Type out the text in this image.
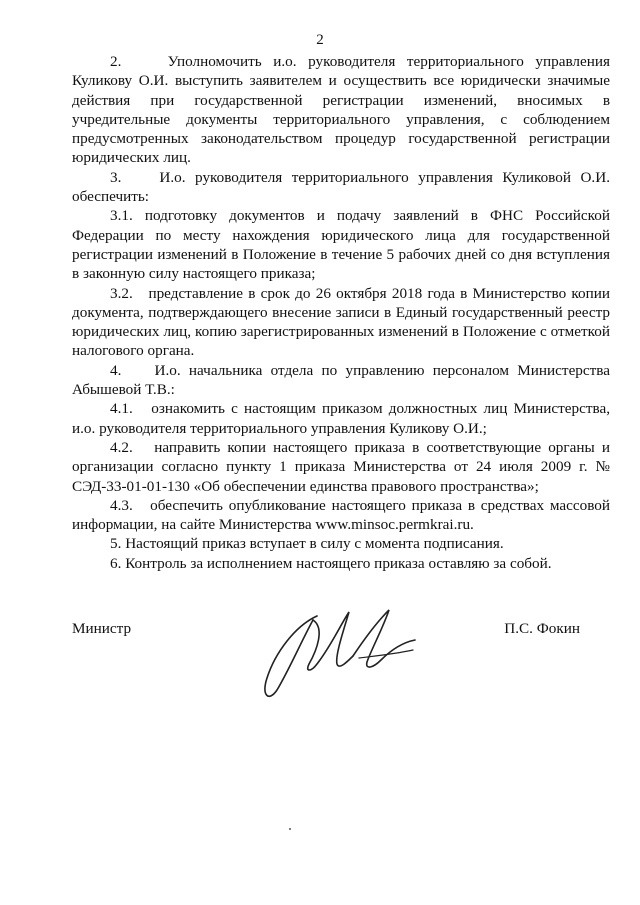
2

2.    Уполномочить и.о. руководителя территориального управления Куликову О.И. выступить заявителем и осуществить все юридически значимые действия при государственной регистрации изменений, вносимых в учредительные документы территориального управления, с соблюдением предусмотренных законодательством процедур государственной регистрации юридических лиц.

3.    И.о. руководителя территориального управления Куликовой О.И. обеспечить:

3.1. подготовку документов и подачу заявлений в ФНС Российской Федерации по месту нахождения юридического лица для государственной регистрации изменений в Положение в течение 5 рабочих дней со дня вступления в законную силу настоящего приказа;

3.2.   представление в срок до 26 октября 2018 года в Министерство копии документа, подтверждающего внесение записи в Единый государственный реестр юридических лиц, копию зарегистрированных изменений в Положение с отметкой налогового органа.

4.    И.о. начальника отдела по управлению персоналом Министерства Абышевой Т.В.:

4.1.   ознакомить с настоящим приказом должностных лиц Министерства, и.о. руководителя территориального управления Куликову О.И.;

4.2.   направить копии настоящего приказа в соответствующие органы и организации согласно пункту 1 приказа Министерства от 24 июля 2009 г. № СЭД-33-01-01-130 «Об обеспечении единства правового пространства»;

4.3.   обеспечить опубликование настоящего приказа в средствах массовой информации, на сайте Министерства www.minsoc.permkrai.ru.

5. Настоящий приказ вступает в силу с момента подписания.

6. Контроль за исполнением настоящего приказа оставляю за собой.

Министр	П.С. Фокин
